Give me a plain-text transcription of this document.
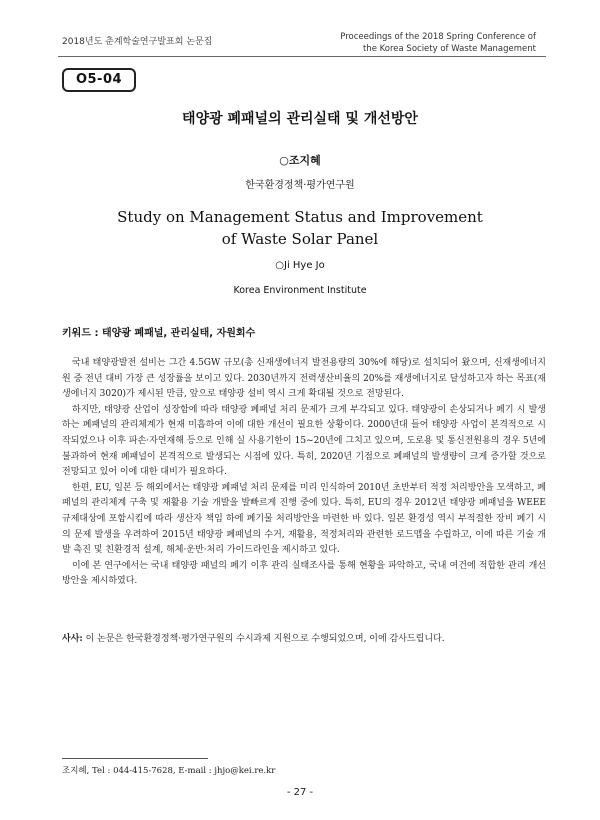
2018년도 춘계학술연구발표회 논문집	Proceedings of the 2018 Spring Conference of
the Korea Society of Waste Management
O5-04
태양광 폐패널의 관리실태 및 개선방안
○조지혜
한국환경정책·평가연구원
Study on Management Status and Improvement
of Waste Solar Panel
○Ji Hye Jo
Korea Environment Institute
키워드 : 태양광 폐패널, 관리실태, 자원회수

국내 태양광발전 설비는 그간 4.5GW 규모(총 신재생에너지 발전용량의 30%에 해당)로 설치되어 왔으며, 신재생에너지원 중 전년 대비 가장 큰 성장률을 보이고 있다. 2030년까지 전력생산비율의 20%를 재생에너지로 달성하고자 하는 목표(재생에너지 3020)가 제시된 만큼, 앞으로 태양광 설비 역시 크게 확대될 것으로 전망된다.

하지만, 태양광 산업이 성장함에 따라 태양광 폐패널 처리 문제가 크게 부각되고 있다. 태양광이 손상되거나 폐기 시 발생하는 폐패널의 관리체계가 현재 미흡하여 이에 대한 개선이 필요한 상황이다. 2000년대 들어 태양광 사업이 본격적으로 시작되었으나 이후 파손·자연재해 등으로 인해 실 사용기한이 15~20년에 그치고 있으며, 도로용 및 통신전원용의 경우 5년에 불과하여 현재 폐패널이 본격적으로 발생되는 시점에 있다. 특히, 2020년 기점으로 폐패널의 발생량이 크게 증가할 것으로 전망되고 있어 이에 대한 대비가 필요하다.

한편, EU, 일본 등 해외에서는 태양광 폐패널 처리 문제를 미리 인식하여 2010년 초반부터 적정 처리방안을 모색하고, 폐패널의 관리체계 구축 및 재활용 기술 개발을 발빠르게 진행 중에 있다. 특히, EU의 경우 2012년 태양광 폐패널을 WEEE 규제대상에 포함시킴에 따라 생산자 책임 하에 폐기물 처리방안을 마련한 바 있다. 일본 환경성 역시 부적절한 장비 폐기 시의 문제 발생을 우려하여 2015년 태양광 폐패널의 수거, 재활용, 적정처리와 관련한 로드맵을 수립하고, 이에 따른 기술 개발 촉진 및 친환경적 설계, 해체·운반·처리 가이드라인을 제시하고 있다.

이에 본 연구에서는 국내 태양광 패널의 폐기 이후 관리 실태조사를 통해 현황을 파악하고, 국내 여건에 적합한 관리 개선방안을 제시하였다.

사사: 이 논문은 한국환경정책·평가연구원의 수시과제 지원으로 수행되었으며, 이에 감사드립니다.
조지혜, Tel : 044-415-7628, E-mail : jhjo@kei.re.kr
- 27 -
